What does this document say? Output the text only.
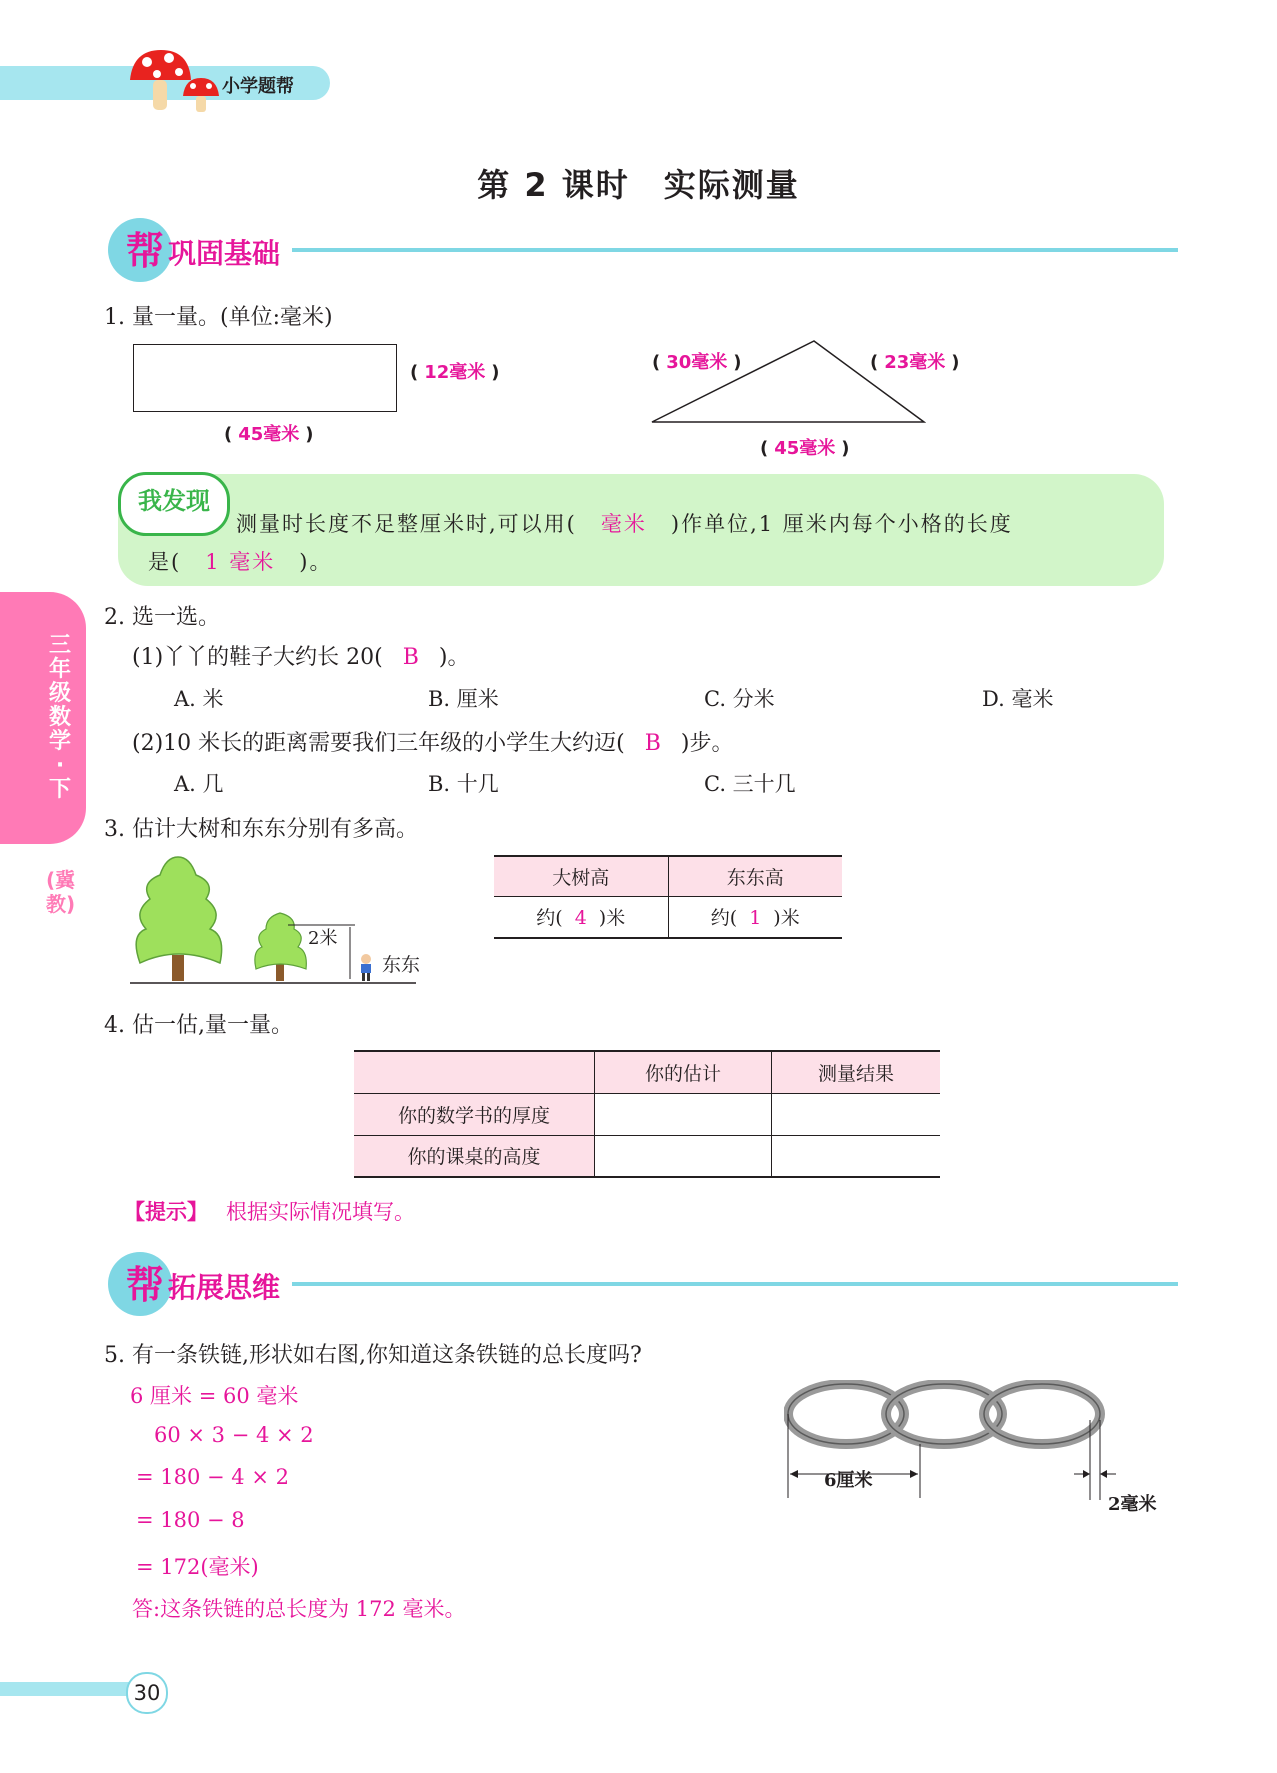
小学题帮
第 2 课时　实际测量
帮 巩固基础
1. 量一量。(单位:毫米)
( 12毫米 )
( 45毫米 )
( 30毫米 )	( 23毫米 )
( 45毫米 )
我发现
测量时长度不足整厘米时,可以用( 毫米 )作单位,1 厘米内每个小格的长度
是( 1 毫米 )。
三年级数学·下
(冀教)
2. 选一选。
(1)丫丫的鞋子大约长 20( B )。
A. 米	B. 厘米	C. 分米	D. 毫米
(2)10 米长的距离需要我们三年级的小学生大约迈( B )步。
A. 几	B. 十几	C. 三十几
3. 估计大树和东东分别有多高。
2米
东东
大树高	东东高
约( 4 )米	约( 1 )米
4. 估一估,量一量。
	你的估计	测量结果
你的数学书的厚度		
你的课桌的高度		
【提示】 根据实际情况填写。
帮 拓展思维
5. 有一条铁链,形状如右图,你知道这条铁链的总长度吗?
6 厘米 = 60 毫米
60 × 3 − 4 × 2
= 180 − 4 × 2
= 180 − 8
= 172(毫米)
答:这条铁链的总长度为 172 毫米。
6厘米
2毫米
30
